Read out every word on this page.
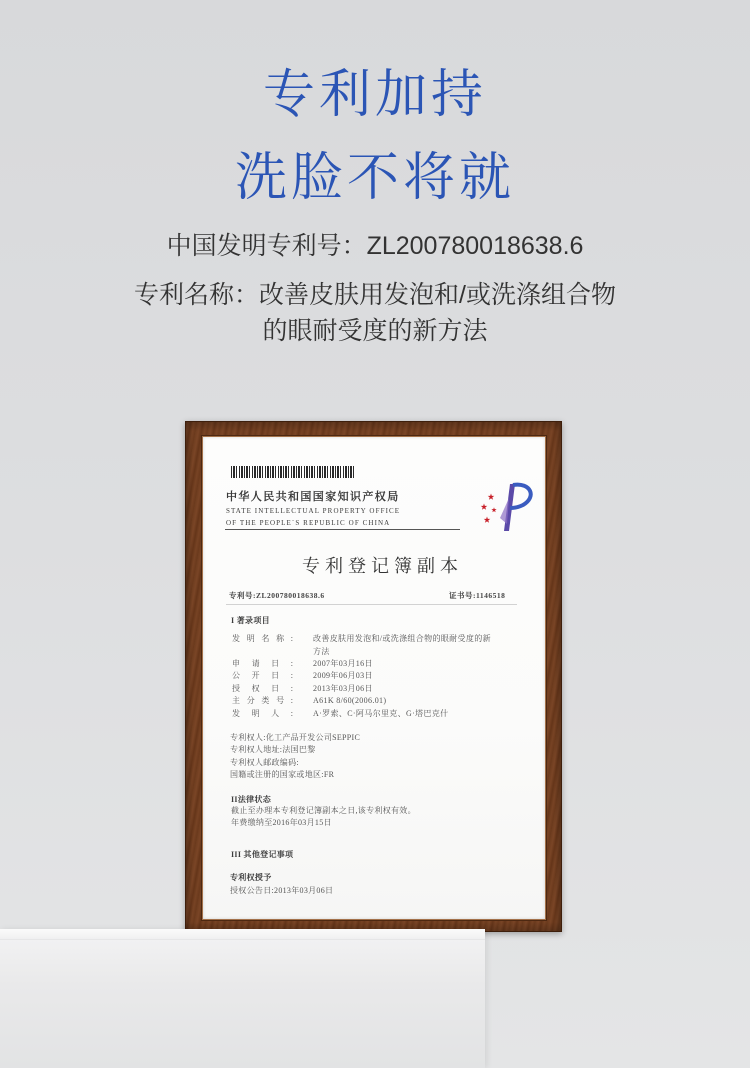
专利加持
洗脸不将就
中国发明专利号：ZL200780018638.6
专利名称：改善皮肤用发泡和/或洗涤组合物
的眼耐受度的新方法
中华人民共和国国家知识产权局
STATE INTELLECTUAL PROPERTY OFFICE
OF THE PEOPLE`S REPUBLIC OF CHINA
专利登记簿副本
专利号:ZL200780018638.6	证书号:1146518
I 著录项目
发明名称:	改善皮肤用发泡和/或洗涤组合物的眼耐受度的新
方法
申请日:	2007年03月16日
公开日:	2009年06月03日
授权日:	2013年03月06日
主分类号:	A61K 8/60(2006.01)
发明人:	A·罗索、C·阿马尔里克、G·塔巴克什
专利权人:化工产品开发公司SEPPIC
专利权人地址:法国巴黎
专利权人邮政编码:
国籍或注册的国家或地区:FR
II法律状态
截止至办理本专利登记簿副本之日,该专利权有效。
年费缴纳至2016年03月15日
III 其他登记事项
专利权授予
授权公告日:2013年03月06日
